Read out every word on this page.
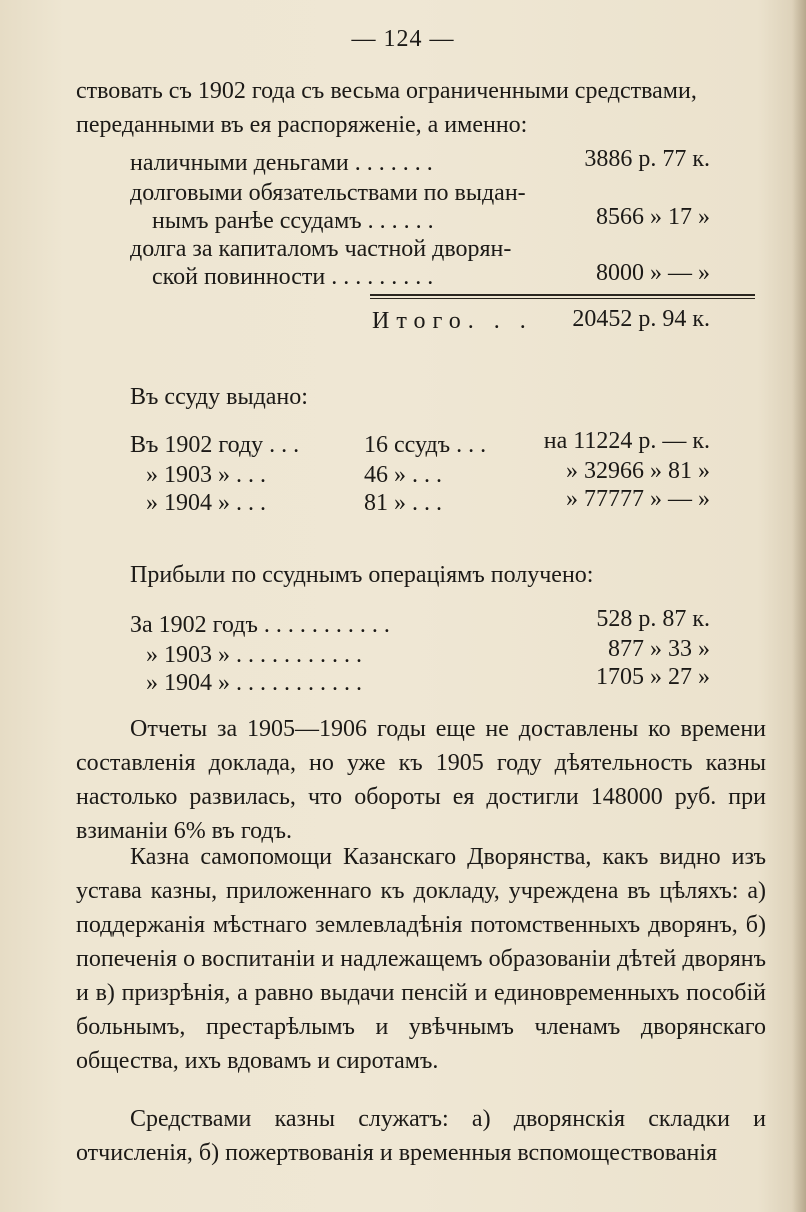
— 124 —
ствовать съ 1902 года съ весьма ограниченными средствами,
переданными въ ея распоряженіе, а именно:
наличными деньгами . . . . . . .	3886 р. 77 к.
долговыми обязательствами по выдан-
нымъ ранѣе ссудамъ . . . . . .	8566 » 17 »
долга за капиталомъ частной дворян-
ской повинности . . . . . . . . .	8000 » — »
Итого. . . 20452 р. 94 к.
Въ ссуду выдано:
Въ 1902 году . . .	16 ссудъ . . . на 11224 р. — к.
» 1903 » . . .	46 » . . .	» 32966 » 81 »
» 1904 » . . .	81 » . . .	» 77777 » — »
Прибыли по ссуднымъ операціямъ получено:
За 1902 годъ . . . . . . . . . . .	528 р. 87 к.
» 1903 » . . . . . . . . . . .	877 » 33 »
» 1904 » . . . . . . . . . . .	1705 » 27 »
Отчеты за 1905—1906 годы еще не доставлены ко времени составленія доклада, но уже къ 1905 году дѣятельность казны настолько развилась, что обороты ея достигли 148000 руб. при взиманіи 6% въ годъ.
Казна самопомощи Казанскаго Дворянства, какъ видно изъ устава казны, приложеннаго къ докладу, учреждена въ цѣляхъ: а) поддержанія мѣстнаго землевладѣнія потомственныхъ дворянъ, б) попеченія о воспитаніи и надлежащемъ образованіи дѣтей дворянъ и в) призрѣнія, а равно выдачи пенсій и единовременныхъ пособій больнымъ, престарѣлымъ и увѣчнымъ членамъ дворянскаго общества, ихъ вдовамъ и сиротамъ.
Средствами казны служатъ: а) дворянскія складки и отчисленія, б) пожертвованія и временныя вспомоществованія
